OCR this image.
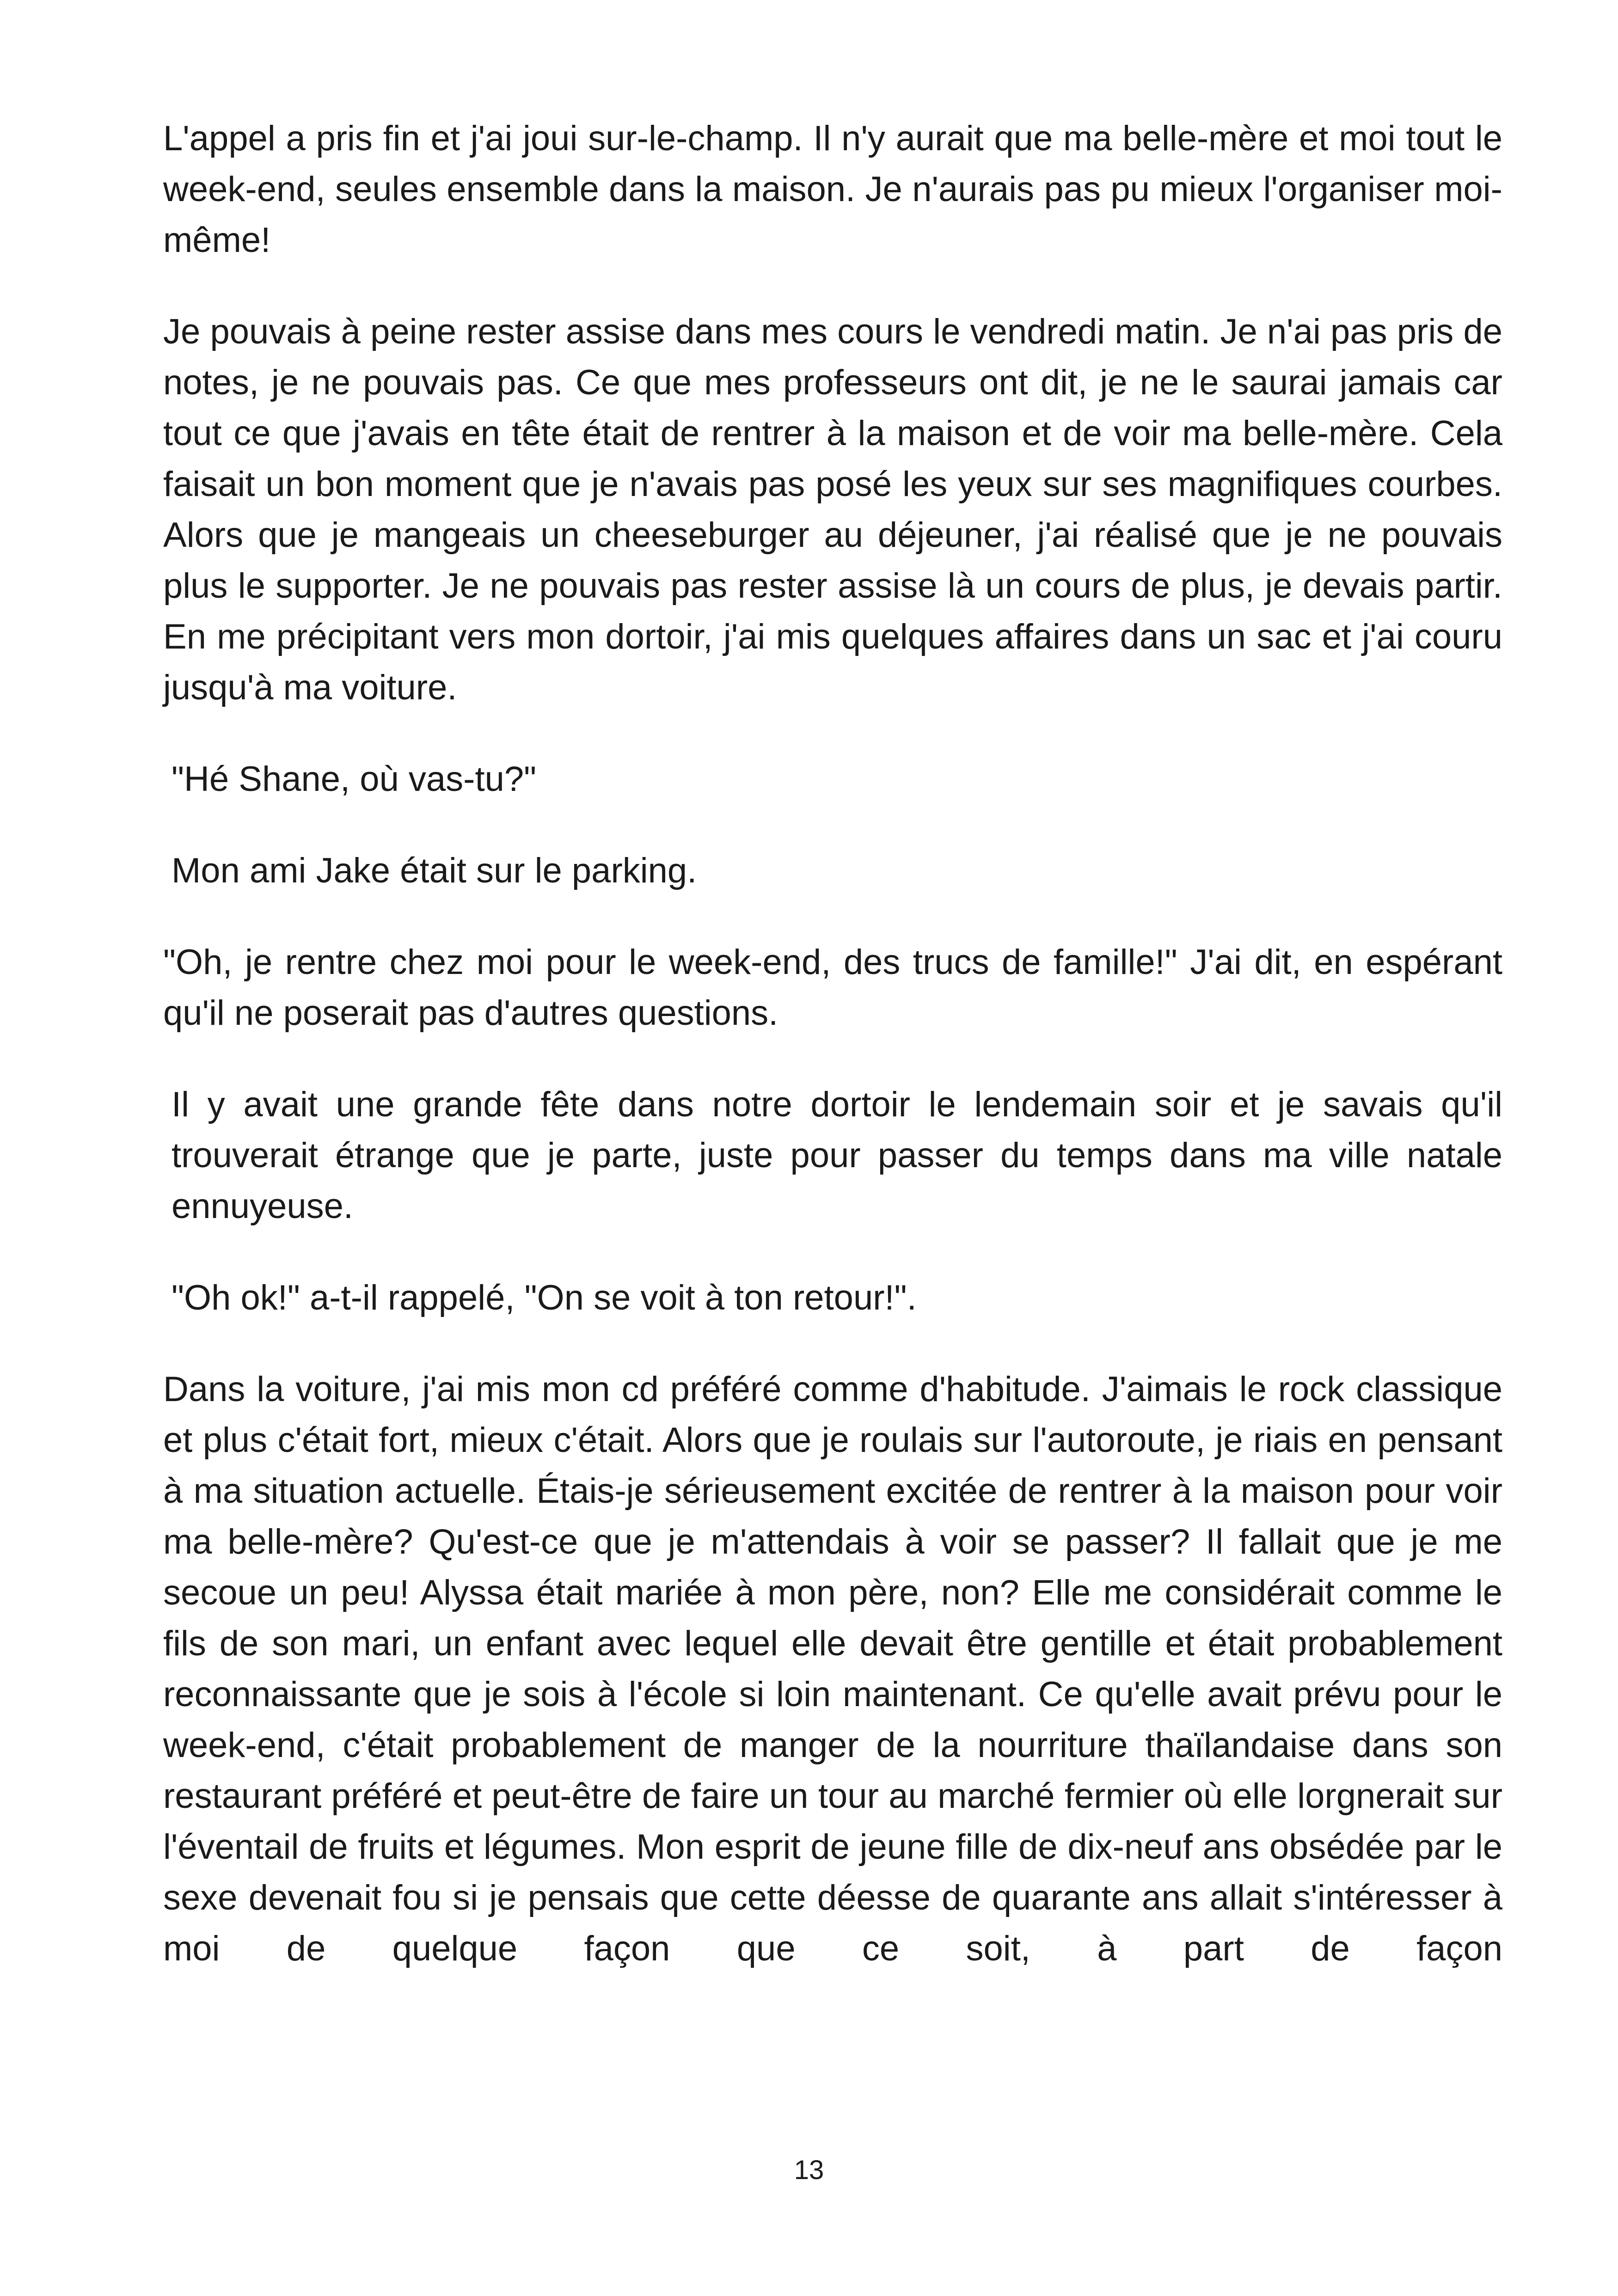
L'appel a pris fin et j'ai joui sur-le-champ. Il n'y aurait que ma belle-mère et moi tout le week-end, seules ensemble dans la maison. Je n'aurais pas pu mieux l'organiser moi-même!

Je pouvais à peine rester assise dans mes cours le vendredi matin. Je n'ai pas pris de notes, je ne pouvais pas. Ce que mes professeurs ont dit, je ne le saurai jamais car tout ce que j'avais en tête était de rentrer à la maison et de voir ma belle-mère. Cela faisait un bon moment que je n'avais pas posé les yeux sur ses magnifiques courbes. Alors que je mangeais un cheeseburger au déjeuner, j'ai réalisé que je ne pouvais plus le supporter. Je ne pouvais pas rester assise là un cours de plus, je devais partir. En me précipitant vers mon dortoir, j'ai mis quelques affaires dans un sac et j'ai couru jusqu'à ma voiture.

"Hé Shane, où vas-tu?"

Mon ami Jake était sur le parking.

"Oh, je rentre chez moi pour le week-end, des trucs de famille!" J'ai dit, en espérant qu'il ne poserait pas d'autres questions.

Il y avait une grande fête dans notre dortoir le lendemain soir et je savais qu'il trouverait étrange que je parte, juste pour passer du temps dans ma ville natale ennuyeuse.

"Oh ok!" a-t-il rappelé, "On se voit à ton retour!".

Dans la voiture, j'ai mis mon cd préféré comme d'habitude. J'aimais le rock classique et plus c'était fort, mieux c'était. Alors que je roulais sur l'autoroute, je riais en pensant à ma situation actuelle. Étais-je sérieusement excitée de rentrer à la maison pour voir ma belle-mère? Qu'est-ce que je m'attendais à voir se passer? Il fallait que je me secoue un peu! Alyssa était mariée à mon père, non? Elle me considérait comme le fils de son mari, un enfant avec lequel elle devait être gentille et était probablement reconnaissante que je sois à l'école si loin maintenant. Ce qu'elle avait prévu pour le week-end, c'était probablement de manger de la nourriture thaïlandaise dans son restaurant préféré et peut-être de faire un tour au marché fermier où elle lorgnerait sur l'éventail de fruits et légumes. Mon esprit de jeune fille de dix-neuf ans obsédée par le sexe devenait fou si je pensais que cette déesse de quarante ans allait s'intéresser à moi de quelque façon que ce soit, à part de façon

13
